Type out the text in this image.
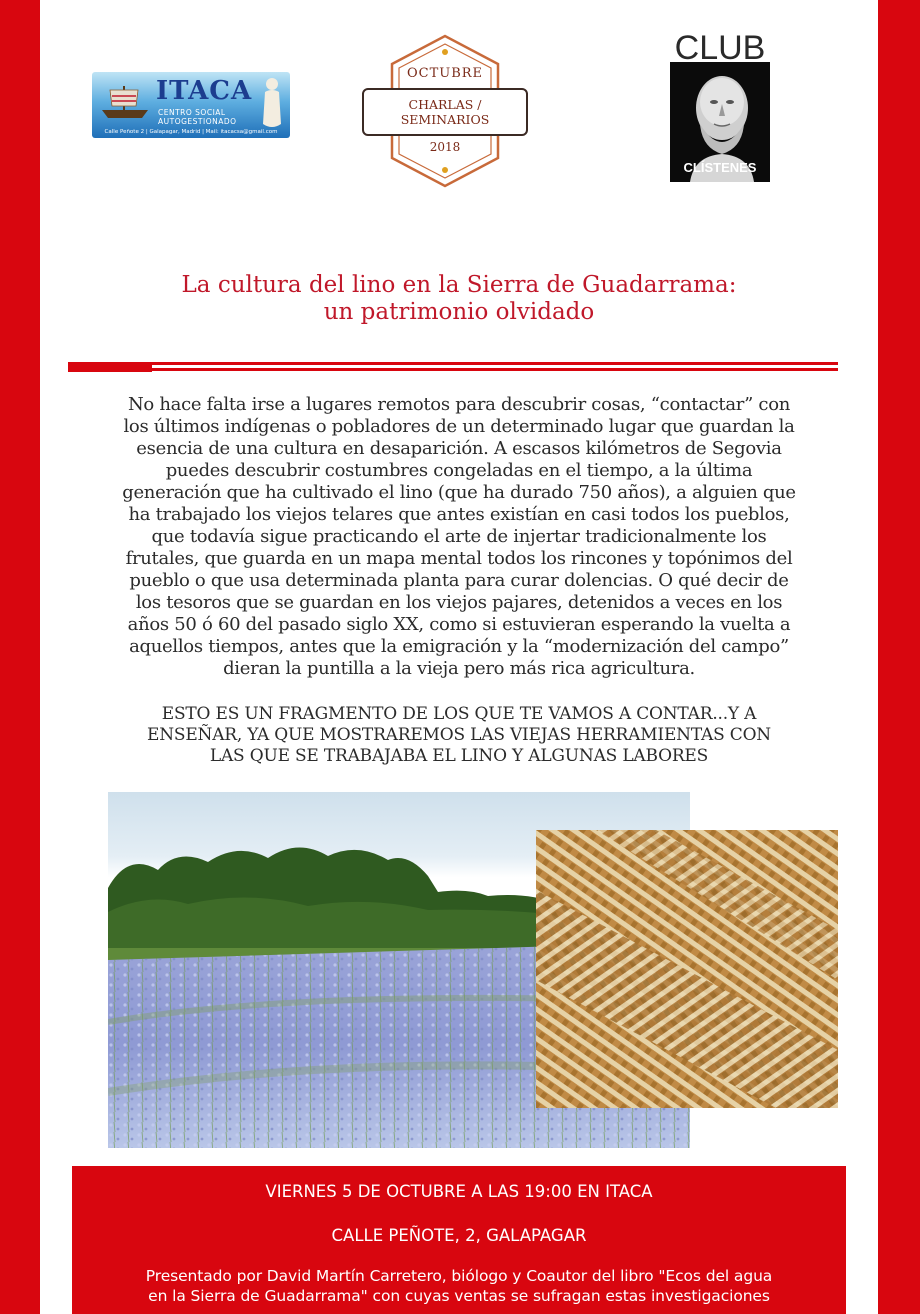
ITACA
CENTRO SOCIAL AUTOGESTIONADO
Calle Peñote 2 | Galapagar, Madrid | Mail: itacacsa@gmail.com
OCTUBRE
CHARLAS /
SEMINARIOS
2018
CLUB
CLÍSTENES
La cultura del lino en la Sierra de Guadarrama:
un patrimonio olvidado
No hace falta irse a lugares remotos para descubrir cosas, “contactar” con
los últimos indígenas o pobladores de un determinado lugar que guardan la
esencia de una cultura en desaparición. A escasos kilómetros de Segovia
puedes descubrir costumbres congeladas en el tiempo, a la última
generación que ha cultivado el lino (que ha durado 750 años), a alguien que
ha trabajado los viejos telares que antes existían en casi todos los pueblos,
que todavía sigue practicando el arte de injertar tradicionalmente los
frutales, que guarda en un mapa mental todos los rincones y topónimos del
pueblo o que usa determinada planta para curar dolencias. O qué decir de
los tesoros que se guardan en los viejos pajares, detenidos a veces en los
años 50 ó 60 del pasado siglo XX, como si estuvieran esperando la vuelta a
aquellos tiempos, antes que la emigración y la “modernización del campo”
dieran la puntilla a la vieja pero más rica agricultura.
ESTO ES UN FRAGMENTO DE LOS QUE TE VAMOS A CONTAR...Y A
ENSEÑAR, YA QUE MOSTRAREMOS LAS VIEJAS HERRAMIENTAS CON
LAS QUE SE TRABAJABA EL LINO Y ALGUNAS LABORES
VIERNES 5 DE OCTUBRE A LAS 19:00 EN ITACA
CALLE PEÑOTE, 2, GALAPAGAR
Presentado por David Martín Carretero, biólogo y Coautor del libro "Ecos del agua
en la Sierra de Guadarrama" con cuyas ventas se sufragan estas investigaciones
